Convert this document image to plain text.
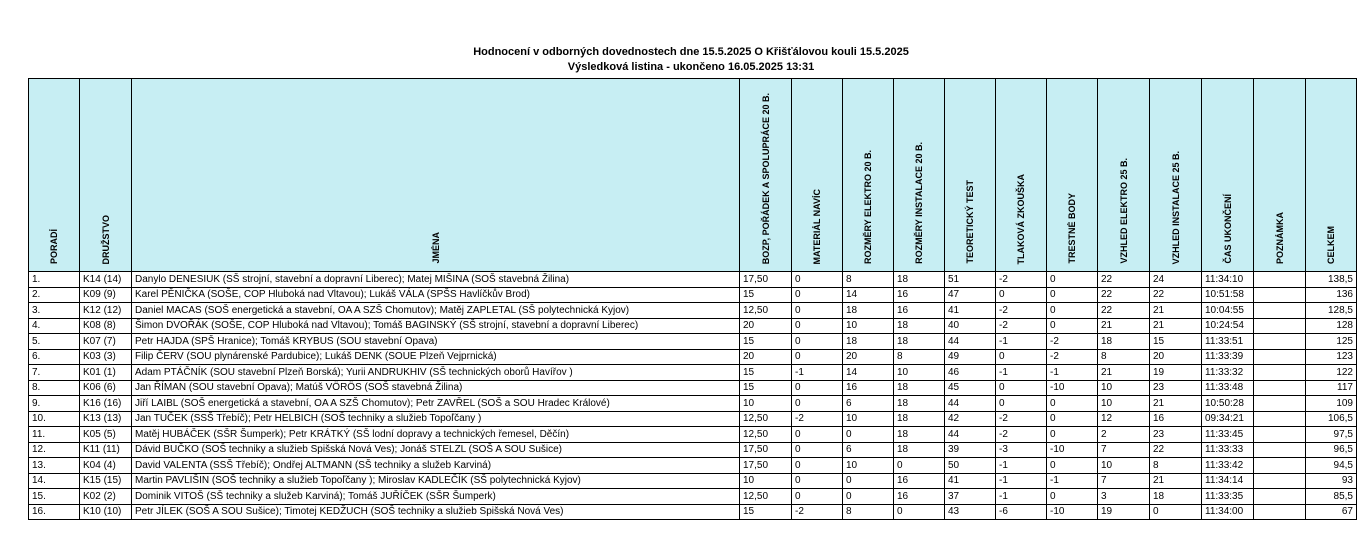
Hodnocení v odborných dovednostech dne 15.5.2025 O Křišťálovou kouli 15.5.2025
Výsledková listina - ukončeno 16.05.2025 13:31
PORADÍ	DRUŽSTVO	JMÉNA	BOZP, POŘÁDEK A SPOLUPRÁCE 20 B.	MATERIÁL NAVÍC	ROZMĚRY ELEKTRO 20 B.	ROZMĚRY INSTALACE 20 B.	TEORETICKÝ TEST	TLAKOVÁ ZKOUŠKA	TRESTNÉ BODY	VZHLED ELEKTRO 25 B.	VZHLED INSTALACE 25 B.	ČAS UKONČENÍ	POZNÁMKA	CELKEM
1.	K14 (14)	Danylo DENESIUK (SŠ strojní, stavební a dopravní Liberec); Matej MIŠINA (SOŠ stavebná Žilina)	17,50	0	8	18	51	-2	0	22	24	11:34:10		138,5
2.	K09 (9)	Karel PĚNIČKA (SOŠE, COP Hluboká nad Vltavou); Lukáš VÁLA (SPŠS Havlíčkův Brod)	15	0	14	16	47	0	0	22	22	10:51:58		136
3.	K12 (12)	Daniel MACAS (SOŠ energetická a stavební, OA A SZŠ Chomutov); Matěj ZAPLETAL (SŠ polytechnická Kyjov)	12,50	0	18	16	41	-2	0	22	21	10:04:55		128,5
4.	K08 (8)	Šimon DVOŘÁK (SOŠE, COP Hluboká nad Vltavou); Tomáš BAGINSKÝ (SŠ strojní, stavební a dopravní Liberec)	20	0	10	18	40	-2	0	21	21	10:24:54		128
5.	K07 (7)	Petr HAJDA (SPŠ Hranice); Tomáš KRYBUS (SOU stavební Opava)	15	0	18	18	44	-1	-2	18	15	11:33:51		125
6.	K03 (3)	Filip ČERV (SOU plynárenské Pardubice); Lukáš DENK (SOUE Plzeň Vejprnická)	20	0	20	8	49	0	-2	8	20	11:33:39		123
7.	K01 (1)	Adam PTÁČNÍK (SOU stavební Plzeň Borská); Yurii ANDRUKHIV (SŠ technických oborů Havířov )	15	-1	14	10	46	-1	-1	21	19	11:33:32		122
8.	K06 (6)	Jan ŘÍMAN (SOU stavební Opava); Matúš VÖRÖS (SOŠ stavebná Žilina)	15	0	16	18	45	0	-10	10	23	11:33:48		117
9.	K16 (16)	Jiří LAIBL (SOŠ energetická a stavební, OA A SZŠ Chomutov); Petr ZAVŘEL (SOŠ a SOU Hradec Králové)	10	0	6	18	44	0	0	10	21	10:50:28		109
10.	K13 (13)	Jan TUČEK (SSŠ Třebíč); Petr HELBICH (SOŠ techniky a služieb Topoľčany )	12,50	-2	10	18	42	-2	0	12	16	09:34:21		106,5
11.	K05 (5)	Matěj HUBÁČEK (SŠR Šumperk); Petr KRÁTKÝ (SŠ lodní dopravy a technických řemesel, Děčín)	12,50	0	0	18	44	-2	0	2	23	11:33:45		97,5
12.	K11 (11)	Dávid BUČKO (SOŠ techniky a služieb Spišská Nová Ves); Jonáš STELZL (SOŠ A SOU Sušice)	17,50	0	6	18	39	-3	-10	7	22	11:33:33		96,5
13.	K04 (4)	David VALENTA (SSŠ Třebíč); Ondřej ALTMANN (SŠ techniky a služeb Karviná)	17,50	0	10	0	50	-1	0	10	8	11:33:42		94,5
14.	K15 (15)	Martin PAVLIŠIN (SOŠ techniky a služieb Topoľčany ); Miroslav KADLEČÍK (SŠ polytechnická Kyjov)	10	0	0	16	41	-1	-1	7	21	11:34:14		93
15.	K02 (2)	Dominik VITOŠ (SŠ techniky a služeb Karviná); Tomáš JUŘÍČEK (SŠR Šumperk)	12,50	0	0	16	37	-1	0	3	18	11:33:35		85,5
16.	K10 (10)	Petr JÍLEK (SOŠ A SOU Sušice); Timotej KEDŽUCH (SOŠ techniky a služieb Spišská Nová Ves)	15	-2	8	0	43	-6	-10	19	0	11:34:00		67
